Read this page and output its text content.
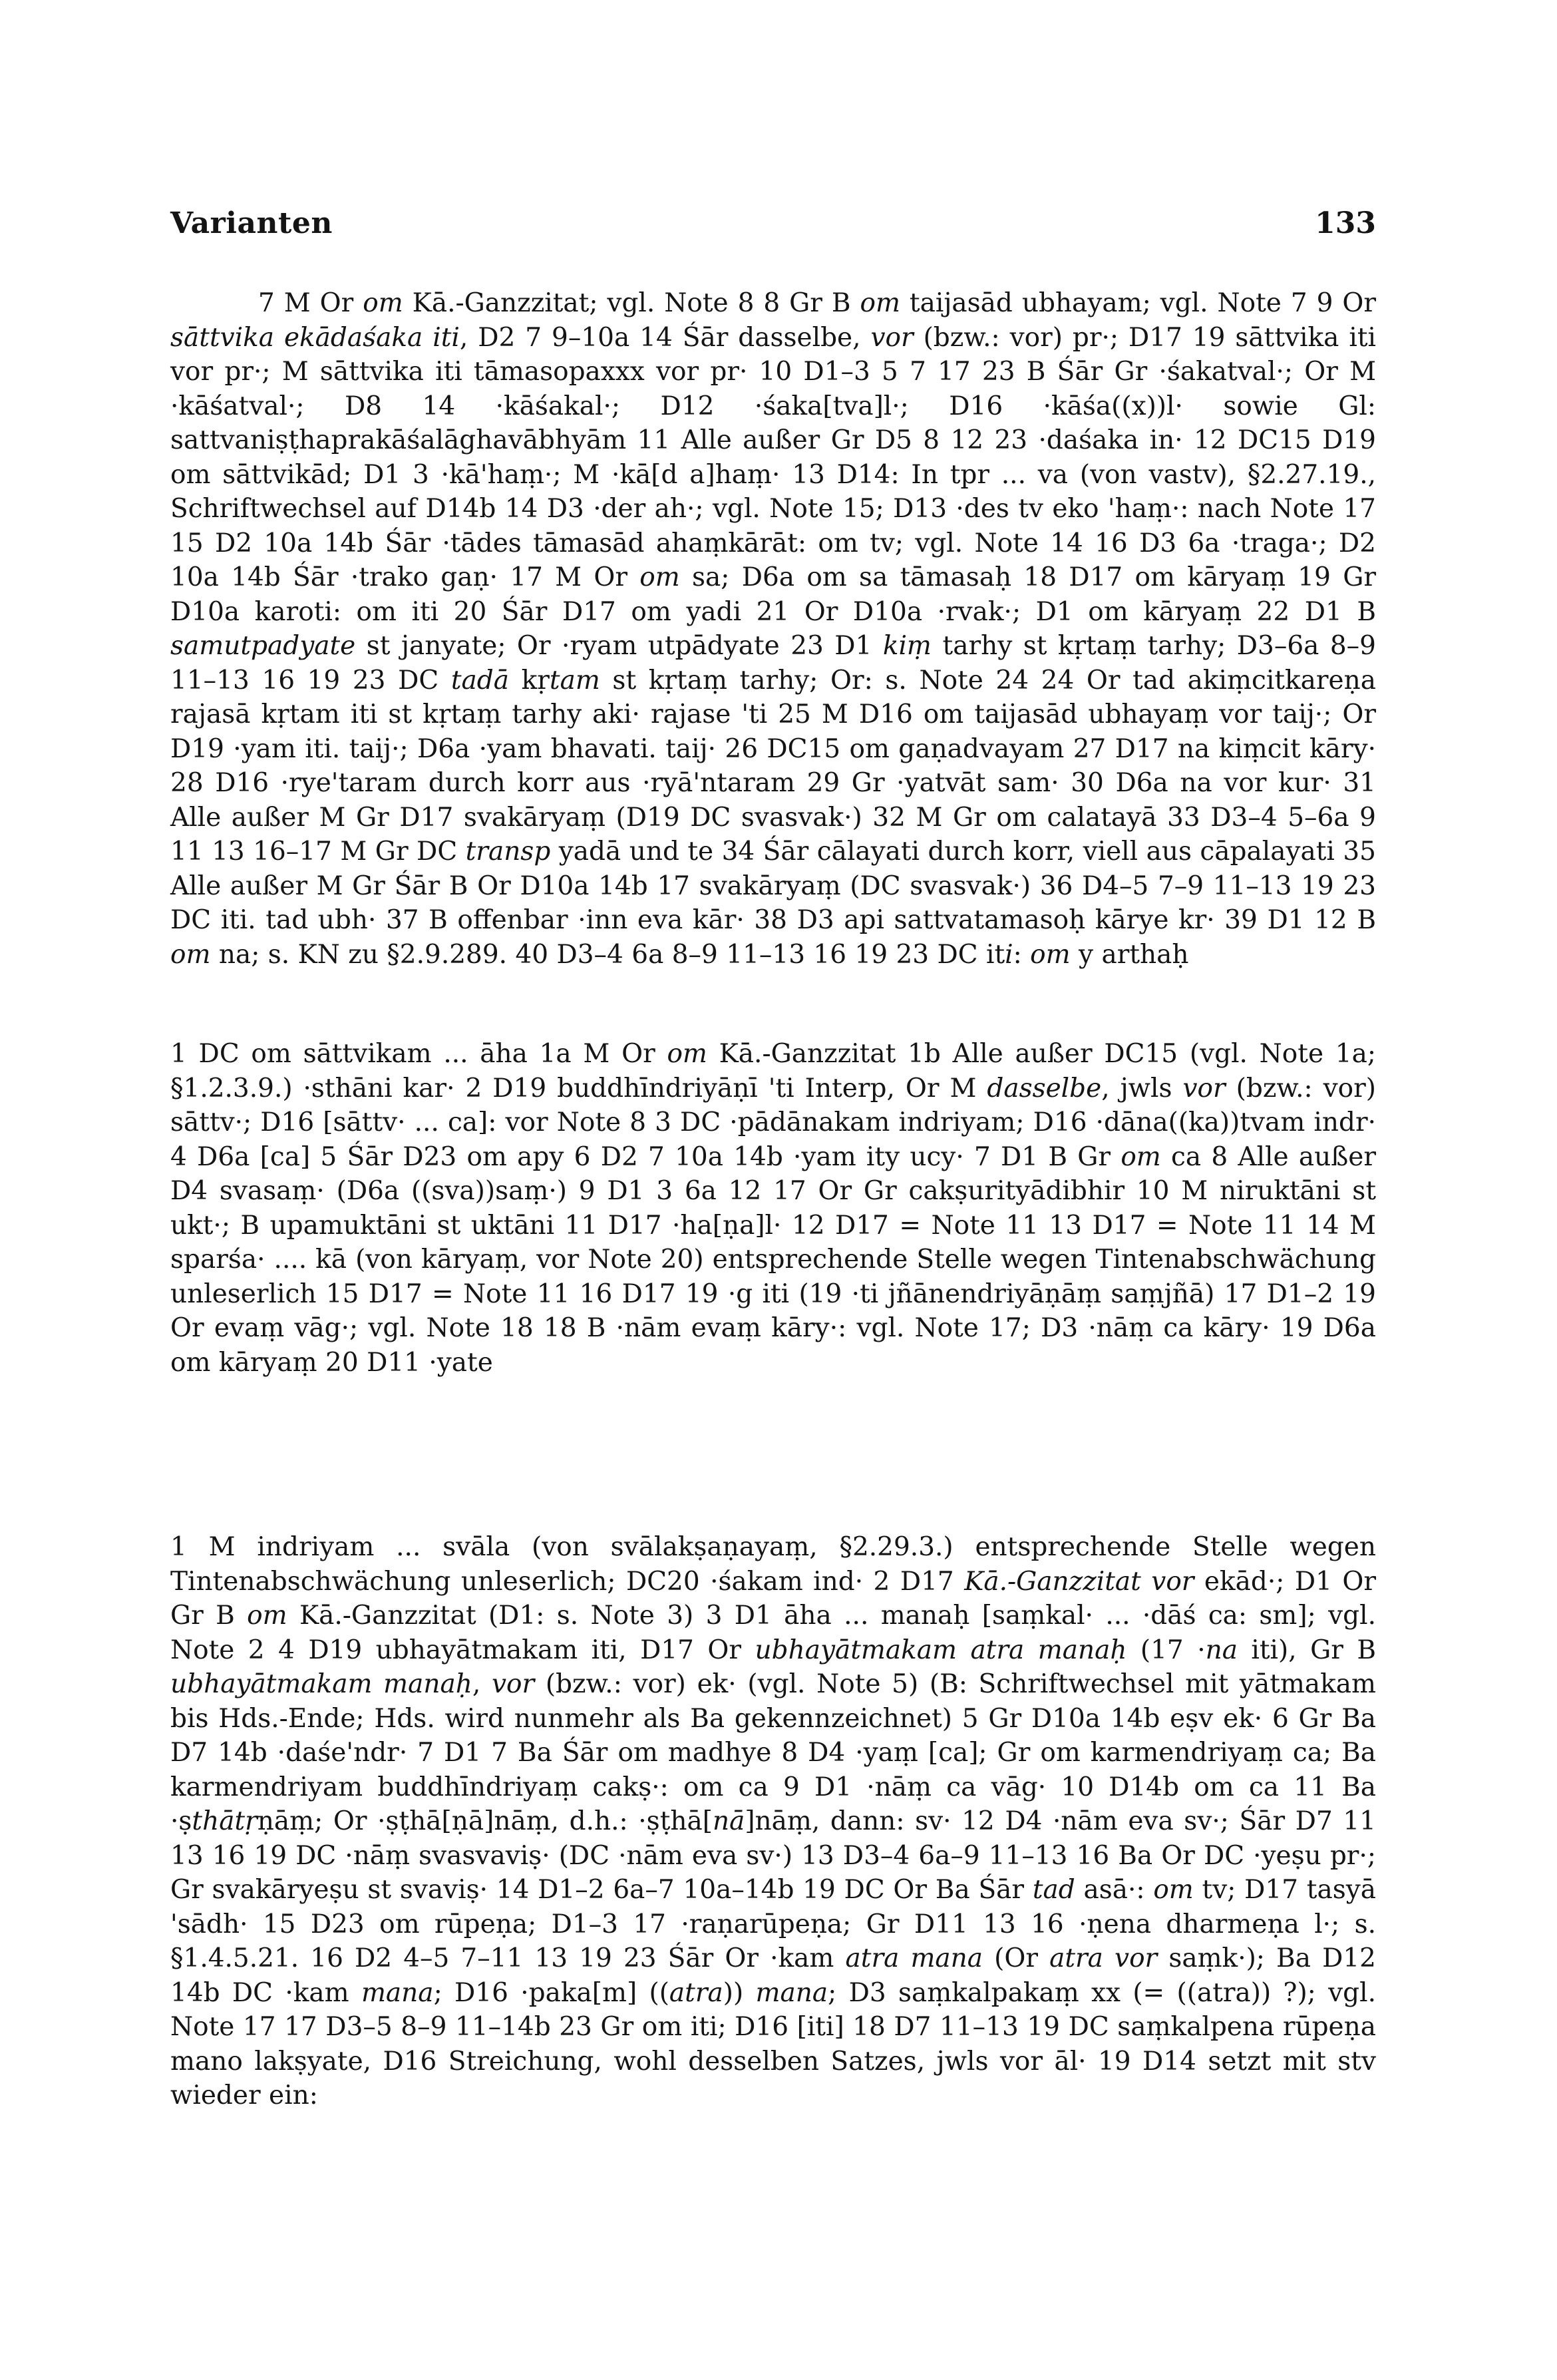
Varianten	133

7 M Or om Kā.-Ganzzitat; vgl. Note 8 8 Gr B om taijasād ubhayam; vgl. Note 7 9 Or sāttvika ekādaśaka iti, D2 7 9–10a 14 Śār dasselbe, vor (bzw.: vor) pr·; D17 19 sāttvika iti vor pr·; M sāttvika iti tāmasopaxxx vor pr· 10 D1–3 5 7 17 23 B Śār Gr ·śakatval·; Or M ·kāśatval·; D8 14 ·kāśakal·; D12 ·śaka[tva]l·; D16 ·kāśa((x))l· sowie Gl: sattvaniṣṭhaprakāśalāghavābhyām 11 Alle außer Gr D5 8 12 23 ·daśaka in· 12 DC15 D19 om sāttvikād; D1 3 ·kā'haṃ·; M ·kā[d a]haṃ· 13 D14: In tpr ... va (von vastv), §2.27.19., Schriftwechsel auf D14b 14 D3 ·der ah·; vgl. Note 15; D13 ·des tv eko 'haṃ·: nach Note 17 15 D2 10a 14b Śār ·tādes tāmasād ahaṃkārāt: om tv; vgl. Note 14 16 D3 6a ·traga·; D2 10a 14b Śār ·trako gaṇ· 17 M Or om sa; D6a om sa tāmasaḥ 18 D17 om kāryaṃ 19 Gr D10a karoti: om iti 20 Śār D17 om yadi 21 Or D10a ·rvak·; D1 om kāryaṃ 22 D1 B samutpadyate st janyate; Or ·ryam utpādyate 23 D1 kiṃ tarhy st kṛtaṃ tarhy; D3–6a 8–9 11–13 16 19 23 DC tadā kṛtam st kṛtaṃ tarhy; Or: s. Note 24 24 Or tad akiṃcitkareṇa rajasā kṛtam iti st kṛtaṃ tarhy aki· rajase 'ti 25 M D16 om taijasād ubhayaṃ vor taij·; Or D19 ·yam iti. taij·; D6a ·yam bhavati. taij· 26 DC15 om gaṇadvayam 27 D17 na kiṃcit kāry· 28 D16 ·rye'taram durch korr aus ·ryā'ntaram 29 Gr ·yatvāt sam· 30 D6a na vor kur· 31 Alle außer M Gr D17 svakāryaṃ (D19 DC svasvak·) 32 M Gr om calatayā 33 D3–4 5–6a 9 11 13 16–17 M Gr DC transp yadā und te 34 Śār cālayati durch korr, viell aus cāpalayati 35 Alle außer M Gr Śār B Or D10a 14b 17 svakāryaṃ (DC svasvak·) 36 D4–5 7–9 11–13 19 23 DC iti. tad ubh· 37 B offenbar ·inn eva kār· 38 D3 api sattvatamasoḥ kārye kr· 39 D1 12 B om na; s. KN zu §2.9.289. 40 D3–4 6a 8–9 11–13 16 19 23 DC iti: om y arthaḥ

1 DC om sāttvikam ... āha 1a M Or om Kā.-Ganzzitat 1b Alle außer DC15 (vgl. Note 1a; §1.2.3.9.) ·sthāni kar· 2 D19 buddhīndriyāṇī 'ti Interp, Or M dasselbe, jwls vor (bzw.: vor) sāttv·; D16 [sāttv· ... ca]: vor Note 8 3 DC ·pādānakam indriyam; D16 ·dāna((ka))tvam indr· 4 D6a [ca] 5 Śār D23 om apy 6 D2 7 10a 14b ·yam ity ucy· 7 D1 B Gr om ca 8 Alle außer D4 svasaṃ· (D6a ((sva))saṃ·) 9 D1 3 6a 12 17 Or Gr cakṣurityādibhir 10 M niruktāni st ukt·; B upamuktāni st uktāni 11 D17 ·ha[ṇa]l· 12 D17 = Note 11 13 D17 = Note 11 14 M sparśa· .... kā (von kāryaṃ, vor Note 20) entsprechende Stelle wegen Tintenabschwächung unleserlich 15 D17 = Note 11 16 D17 19 ·g iti (19 ·ti jñānendriyāṇāṃ saṃjñā) 17 D1–2 19 Or evaṃ vāg·; vgl. Note 18 18 B ·nām evaṃ kāry·: vgl. Note 17; D3 ·nāṃ ca kāry· 19 D6a om kāryaṃ 20 D11 ·yate

1 M indriyam ... svāla (von svālakṣaṇayaṃ, §2.29.3.) entsprechende Stelle wegen Tintenabschwächung unleserlich; DC20 ·śakam ind· 2 D17 Kā.-Ganzzitat vor ekād·; D1 Or Gr B om Kā.-Ganzzitat (D1: s. Note 3) 3 D1 āha ... manaḥ [saṃkal· ... ·dāś ca: sm]; vgl. Note 2 4 D19 ubhayātmakam iti, D17 Or ubhayātmakam atra manaḥ (17 ·na iti), Gr B ubhayātmakam manaḥ, vor (bzw.: vor) ek· (vgl. Note 5) (B: Schriftwechsel mit yātmakam bis Hds.-Ende; Hds. wird nunmehr als Ba gekennzeichnet) 5 Gr D10a 14b eṣv ek· 6 Gr Ba D7 14b ·daśe'ndr· 7 D1 7 Ba Śār om madhye 8 D4 ·yaṃ [ca]; Gr om karmendriyaṃ ca; Ba karmendriyam buddhīndriyaṃ cakṣ·: om ca 9 D1 ·nāṃ ca vāg· 10 D14b om ca 11 Ba ·ṣthātṛṇāṃ; Or ·ṣṭhā[ṇā]nāṃ, d.h.: ·ṣṭhā[nā]nāṃ, dann: sv· 12 D4 ·nām eva sv·; Śār D7 11 13 16 19 DC ·nāṃ svasvaviṣ· (DC ·nām eva sv·) 13 D3–4 6a–9 11–13 16 Ba Or DC ·yeṣu pr·; Gr svakāryeṣu st svaviṣ· 14 D1–2 6a–7 10a–14b 19 DC Or Ba Śār tad asā·: om tv; D17 tasyā 'sādh· 15 D23 om rūpeṇa; D1–3 17 ·raṇarūpeṇa; Gr D11 13 16 ·ṇena dharmeṇa l·; s. §1.4.5.21. 16 D2 4–5 7–11 13 19 23 Śār Or ·kam atra mana (Or atra vor saṃk·); Ba D12 14b DC ·kam mana; D16 ·paka[m] ((atra)) mana; D3 saṃkalpakaṃ xx (= ((atra)) ?); vgl. Note 17 17 D3–5 8–9 11–14b 23 Gr om iti; D16 [iti] 18 D7 11–13 19 DC saṃkalpena rūpeṇa mano lakṣyate, D16 Streichung, wohl desselben Satzes, jwls vor āl· 19 D14 setzt mit stv wieder ein:
